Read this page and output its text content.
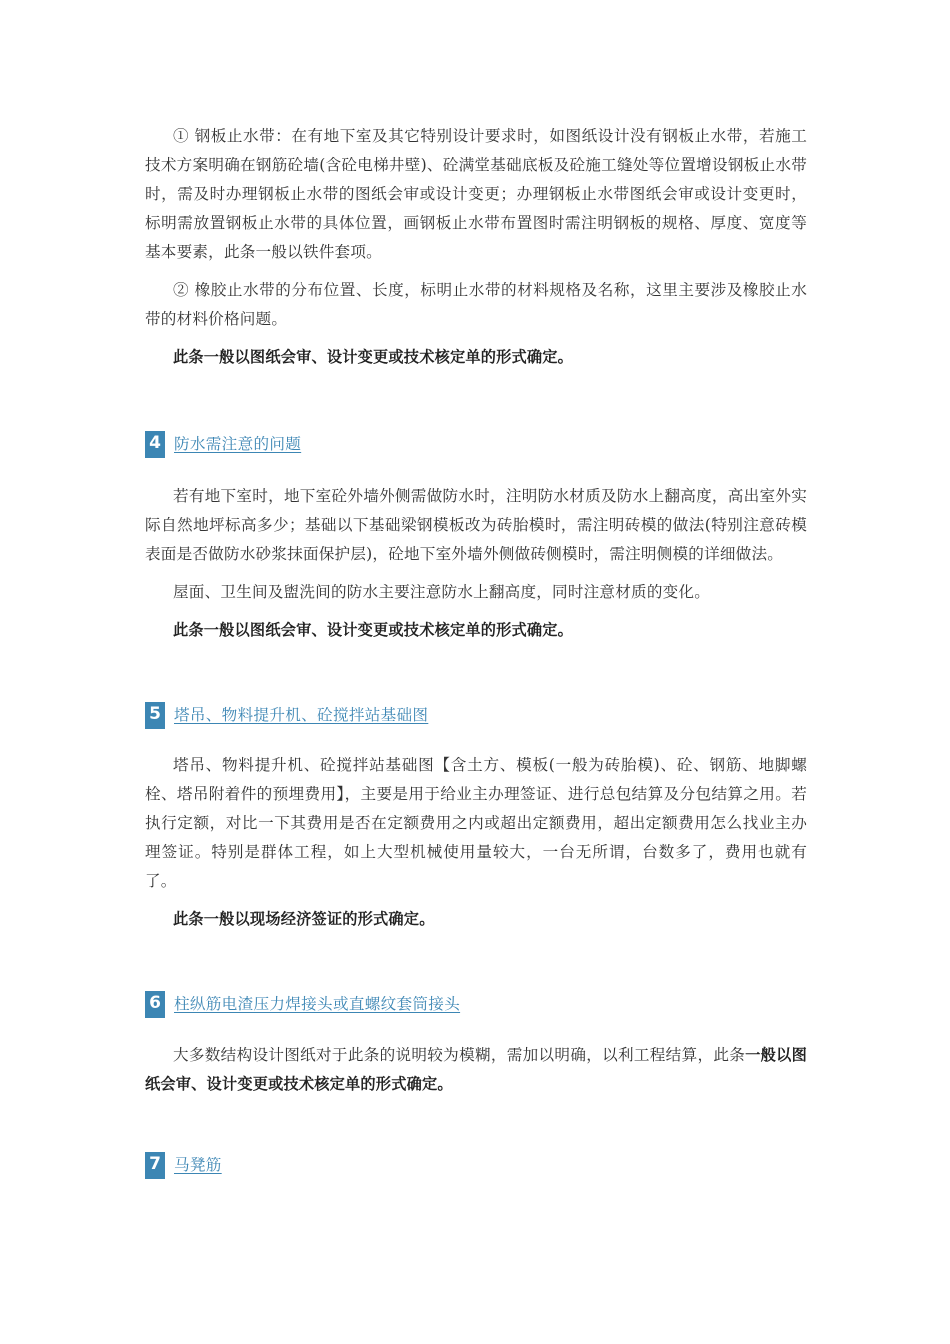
① 钢板止水带：在有地下室及其它特别设计要求时，如图纸设计没有钢板止水带，若施工技术方案明确在钢筋砼墙(含砼电梯井壁)、砼满堂基础底板及砼施工缝处等位置增设钢板止水带时，需及时办理钢板止水带的图纸会审或设计变更；办理钢板止水带图纸会审或设计变更时，标明需放置钢板止水带的具体位置，画钢板止水带布置图时需注明钢板的规格、厚度、宽度等基本要素，此条一般以铁件套项。

② 橡胶止水带的分布位置、长度，标明止水带的材料规格及名称，这里主要涉及橡胶止水带的材料价格问题。

此条一般以图纸会审、设计变更或技术核定单的形式确定。

4 防水需注意的问题

若有地下室时，地下室砼外墙外侧需做防水时，注明防水材质及防水上翻高度，高出室外实际自然地坪标高多少；基础以下基础梁钢模板改为砖胎模时，需注明砖模的做法(特别注意砖模表面是否做防水砂浆抹面保护层)，砼地下室外墙外侧做砖侧模时，需注明侧模的详细做法。

屋面、卫生间及盥洗间的防水主要注意防水上翻高度，同时注意材质的变化。

此条一般以图纸会审、设计变更或技术核定单的形式确定。

5 塔吊、物料提升机、砼搅拌站基础图

塔吊、物料提升机、砼搅拌站基础图【含土方、模板(一般为砖胎模)、砼、钢筋、地脚螺栓、塔吊附着件的预埋费用】，主要是用于给业主办理签证、进行总包结算及分包结算之用。若执行定额，对比一下其费用是否在定额费用之内或超出定额费用，超出定额费用怎么找业主办理签证。特别是群体工程，如上大型机械使用量较大，一台无所谓，台数多了，费用也就有了。

此条一般以现场经济签证的形式确定。

6 柱纵筋电渣压力焊接头或直螺纹套筒接头

大多数结构设计图纸对于此条的说明较为模糊，需加以明确，以利工程结算，此条一般以图纸会审、设计变更或技术核定单的形式确定。

7 马凳筋
